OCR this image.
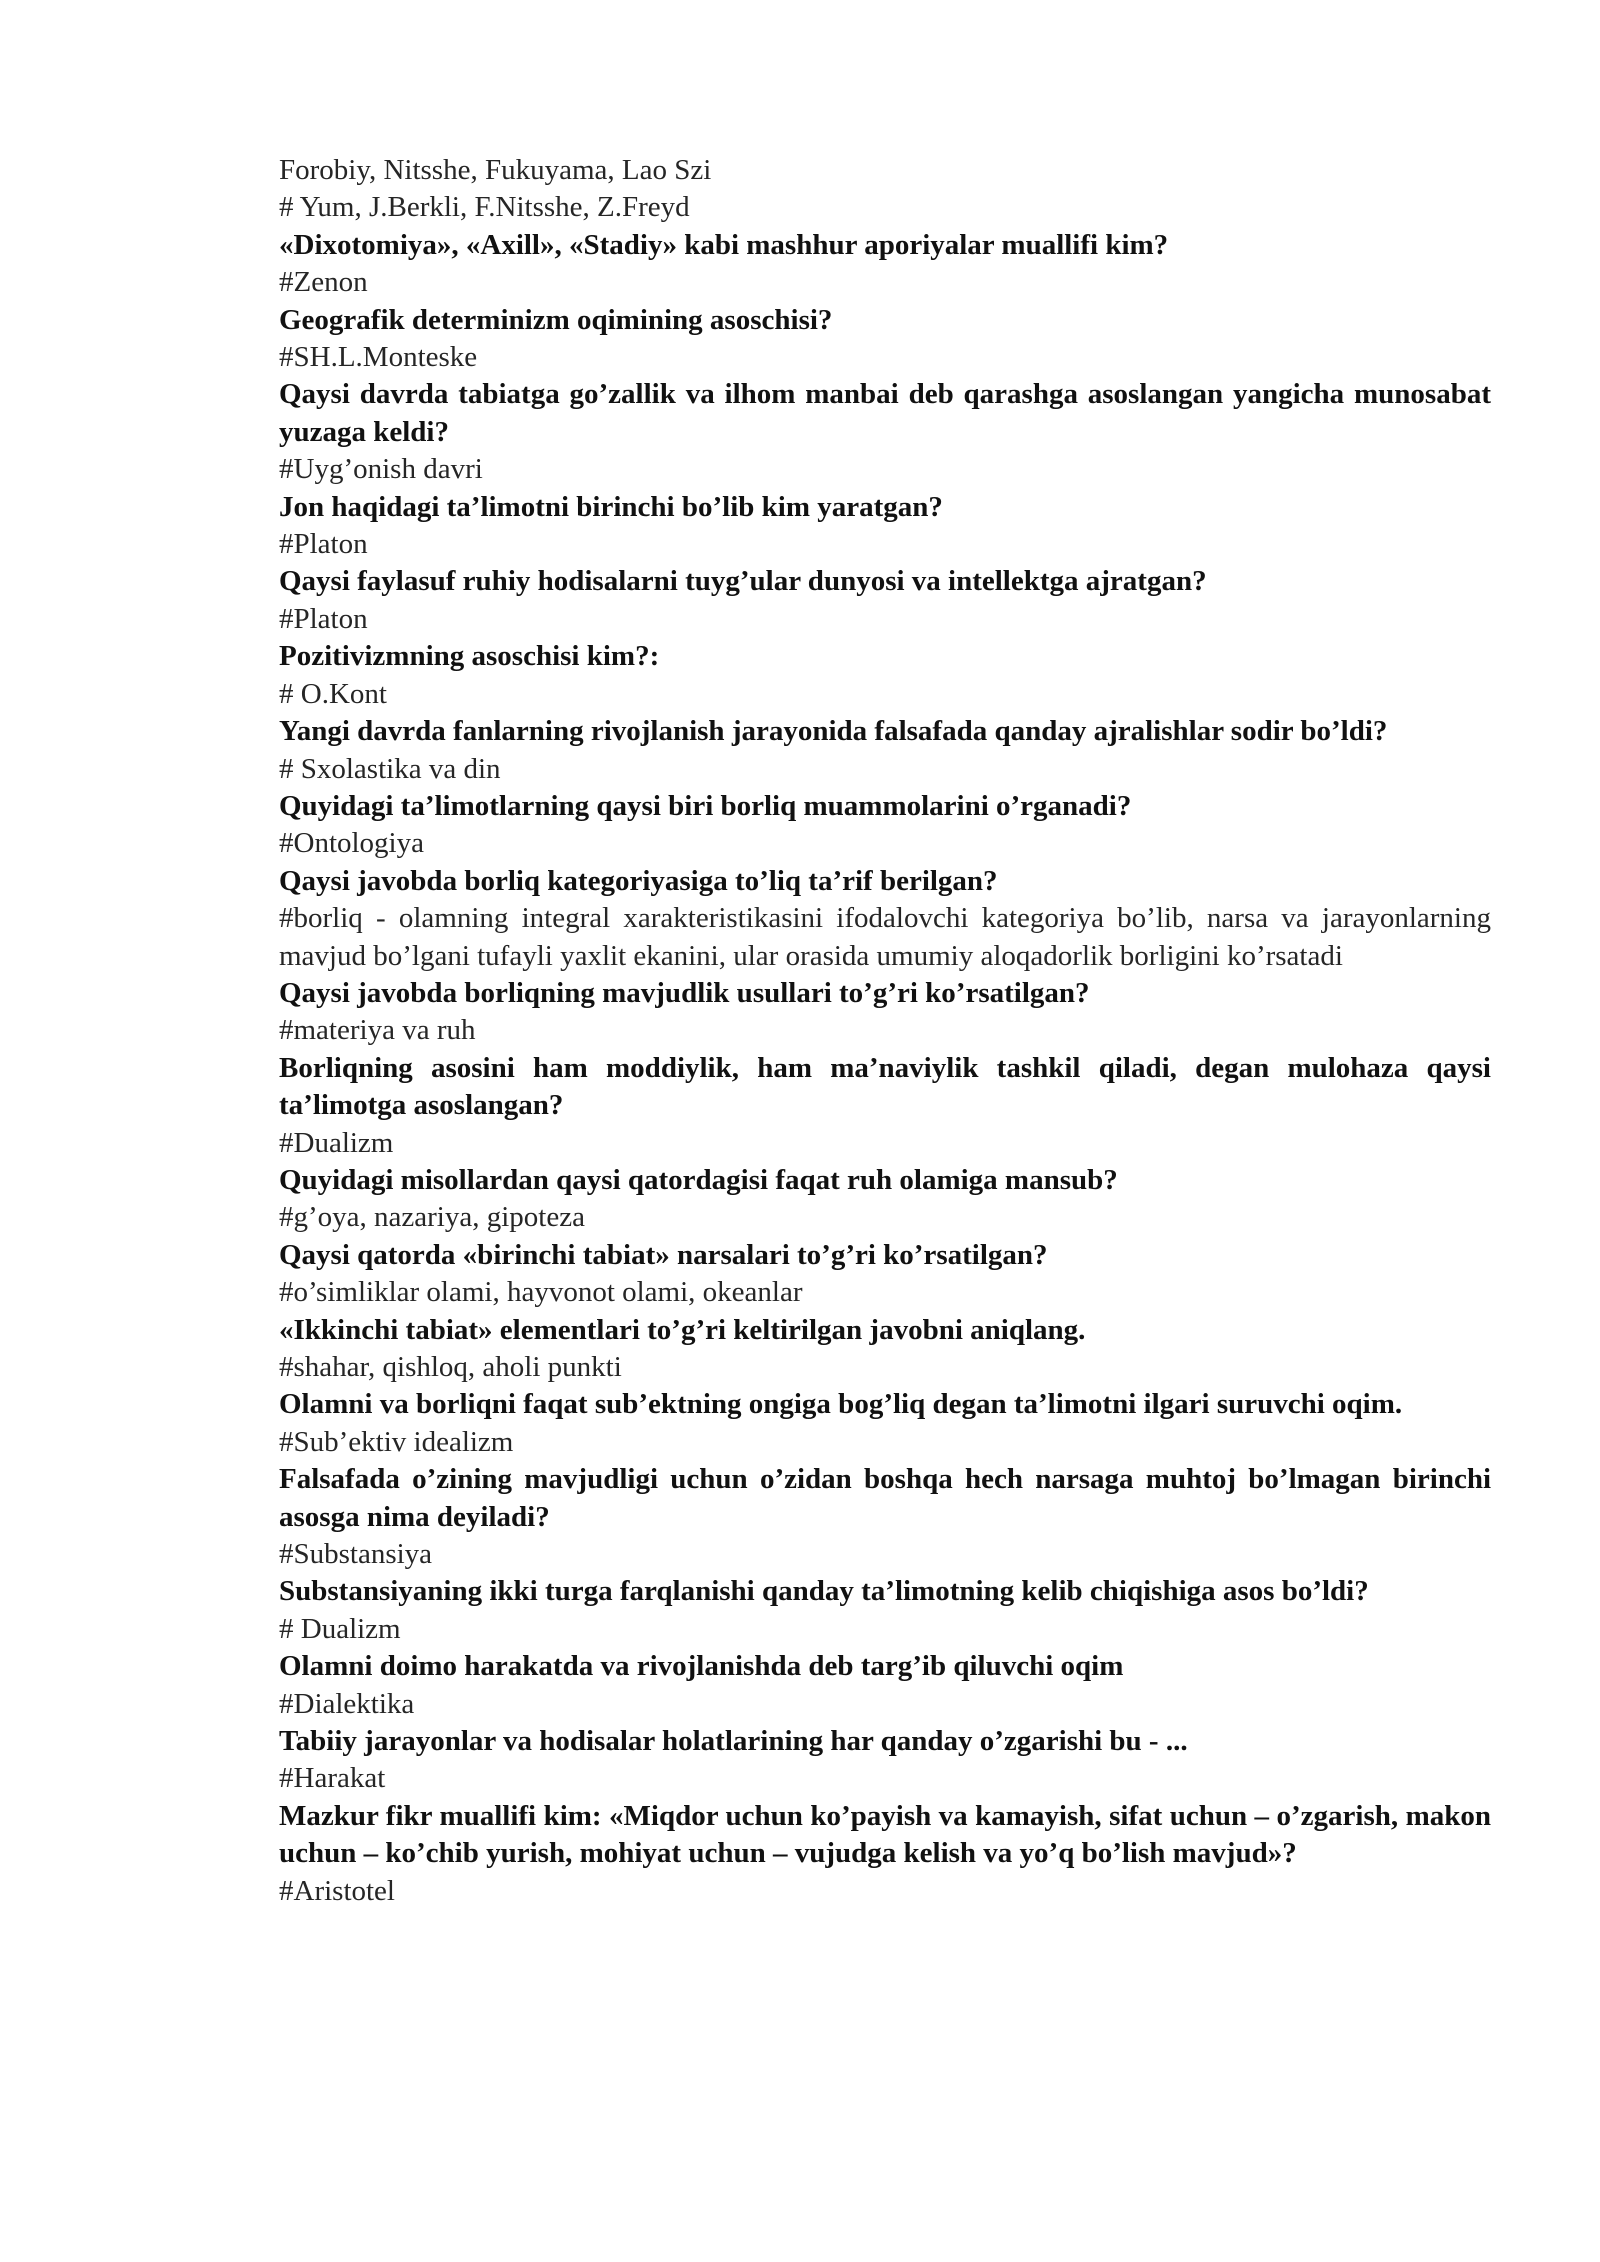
Forobiy, Nitsshe, Fukuyama, Lao Szi

# Yum, J.Berkli, F.Nitsshe, Z.Freyd

«Dixotomiya», «Axill», «Stadiy» kabi mashhur aporiyalar muallifi kim?

#Zenon

Geografik determinizm oqimining asoschisi?

#SH.L.Monteske

Qaysi davrda tabiatga go’zallik va ilhom manbai deb qarashga asoslangan yangicha munosabat yuzaga keldi?

#Uyg’onish davri

Jon haqidagi ta’limotni birinchi bo’lib kim yaratgan?

#Platon

Qaysi faylasuf ruhiy hodisalarni tuyg’ular dunyosi va intellektga ajratgan?

#Platon

Pozitivizmning asoschisi kim?:

# O.Kont

Yangi davrda fanlarning rivojlanish jarayonida falsafada qanday ajralishlar sodir bo’ldi?

# Sxolastika va din

Quyidagi ta’limotlarning qaysi biri borliq muammolarini o’rganadi?

#Ontologiya

Qaysi javobda borliq kategoriyasiga to’liq ta’rif berilgan?

#borliq - olamning integral xarakteristikasini ifodalovchi kategoriya bo’lib, narsa va jarayonlarning mavjud bo’lgani tufayli yaxlit ekanini, ular orasida umumiy aloqadorlik borligini ko’rsatadi

Qaysi javobda borliqning mavjudlik usullari to’g’ri ko’rsatilgan?

#materiya va ruh

Borliqning asosini ham moddiylik, ham ma’naviylik tashkil qiladi, degan mulohaza qaysi ta’limotga asoslangan?

#Dualizm

Quyidagi misollardan qaysi qatordagisi faqat ruh olamiga mansub?

#g’oya, nazariya, gipoteza

Qaysi qatorda «birinchi tabiat» narsalari to’g’ri ko’rsatilgan?

#o’simliklar olami, hayvonot olami, okeanlar

«Ikkinchi tabiat» elementlari to’g’ri keltirilgan javobni aniqlang.

#shahar, qishloq, aholi punkti

Olamni va borliqni faqat sub’ektning ongiga bog’liq degan ta’limotni ilgari suruvchi oqim.

#Sub’ektiv idealizm

Falsafada o’zining mavjudligi uchun o’zidan boshqa hech narsaga muhtoj bo’lmagan birinchi asosga nima deyiladi?

#Substansiya

Substansiyaning ikki turga farqlanishi qanday ta’limotning kelib chiqishiga asos bo’ldi?

# Dualizm

Olamni doimo harakatda va rivojlanishda deb targ’ib qiluvchi oqim

#Dialektika

Tabiiy jarayonlar va hodisalar holatlarining har qanday o’zgarishi bu - ...

#Harakat

Mazkur fikr muallifi kim: «Miqdor uchun ko’payish va kamayish, sifat uchun – o’zgarish, makon uchun – ko’chib yurish, mohiyat uchun – vujudga kelish va yo’q bo’lish mavjud»?

#Aristotel
